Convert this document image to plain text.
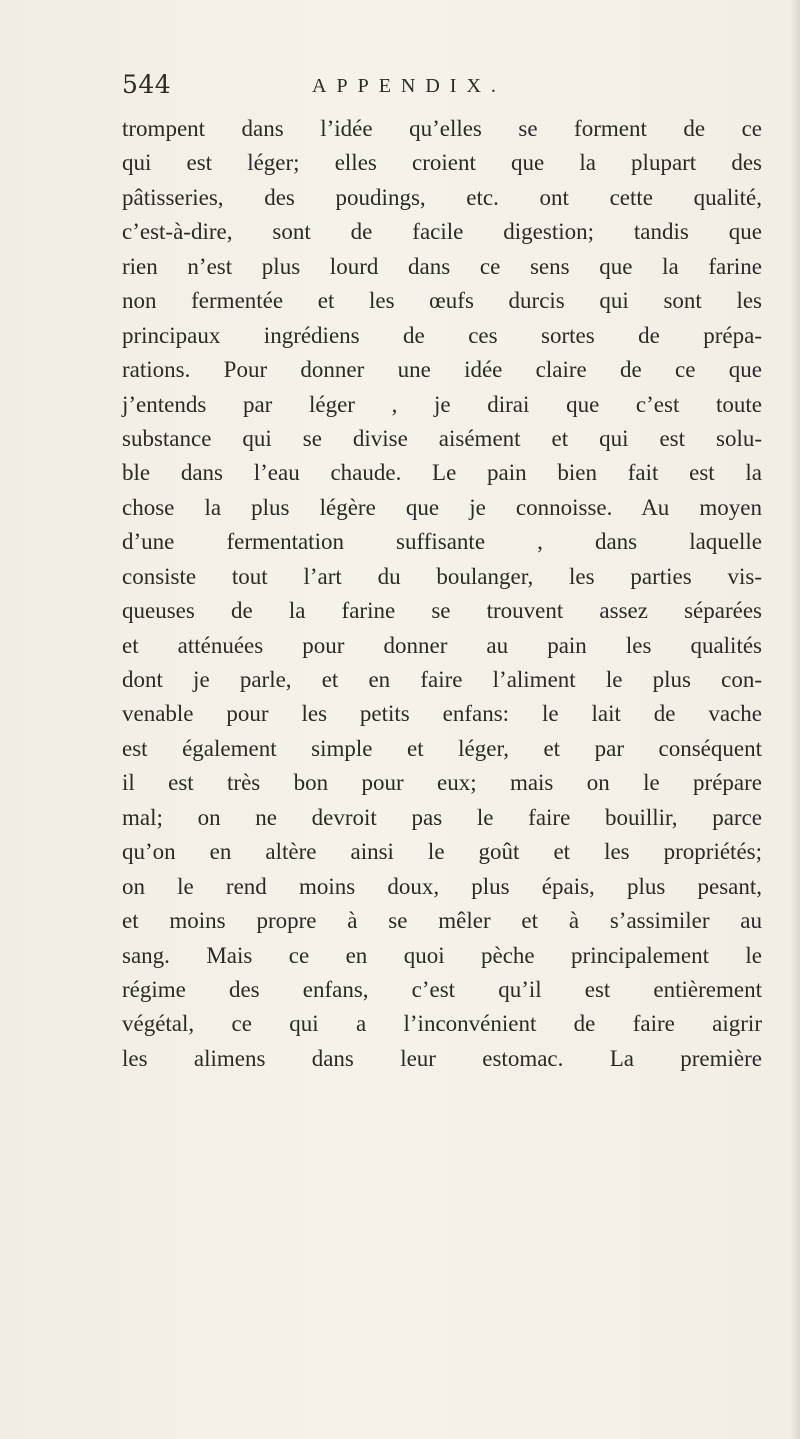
544	APPENDIX.
trompent dans l’idée qu’elles se forment de ce
qui est léger; elles croient que la plupart des
pâtisseries, des poudings, etc. ont cette qualité,
c’est-à-dire, sont de facile digestion; tandis que
rien n’est plus lourd dans ce sens que la farine
non fermentée et les œufs durcis qui sont les
principaux ingrédiens de ces sortes de prépa-
rations. Pour donner une idée claire de ce que
j’entends par léger , je dirai que c’est toute
substance qui se divise aisément et qui est solu-
ble dans l’eau chaude. Le pain bien fait est la
chose la plus légère que je connoisse. Au moyen
d’une fermentation suffisante , dans laquelle
consiste tout l’art du boulanger, les parties vis-
queuses de la farine se trouvent assez séparées
et atténuées pour donner au pain les qualités
dont je parle, et en faire l’aliment le plus con-
venable pour les petits enfans: le lait de vache
est également simple et léger, et par conséquent
il est très bon pour eux; mais on le prépare
mal; on ne devroit pas le faire bouillir, parce
qu’on en altère ainsi le goût et les propriétés;
on le rend moins doux, plus épais, plus pesant,
et moins propre à se mêler et à s’assimiler au
sang. Mais ce en quoi pèche principalement le
régime des enfans, c’est qu’il est entièrement
végétal, ce qui a l’inconvénient de faire aigrir
les alimens dans leur estomac. La première
